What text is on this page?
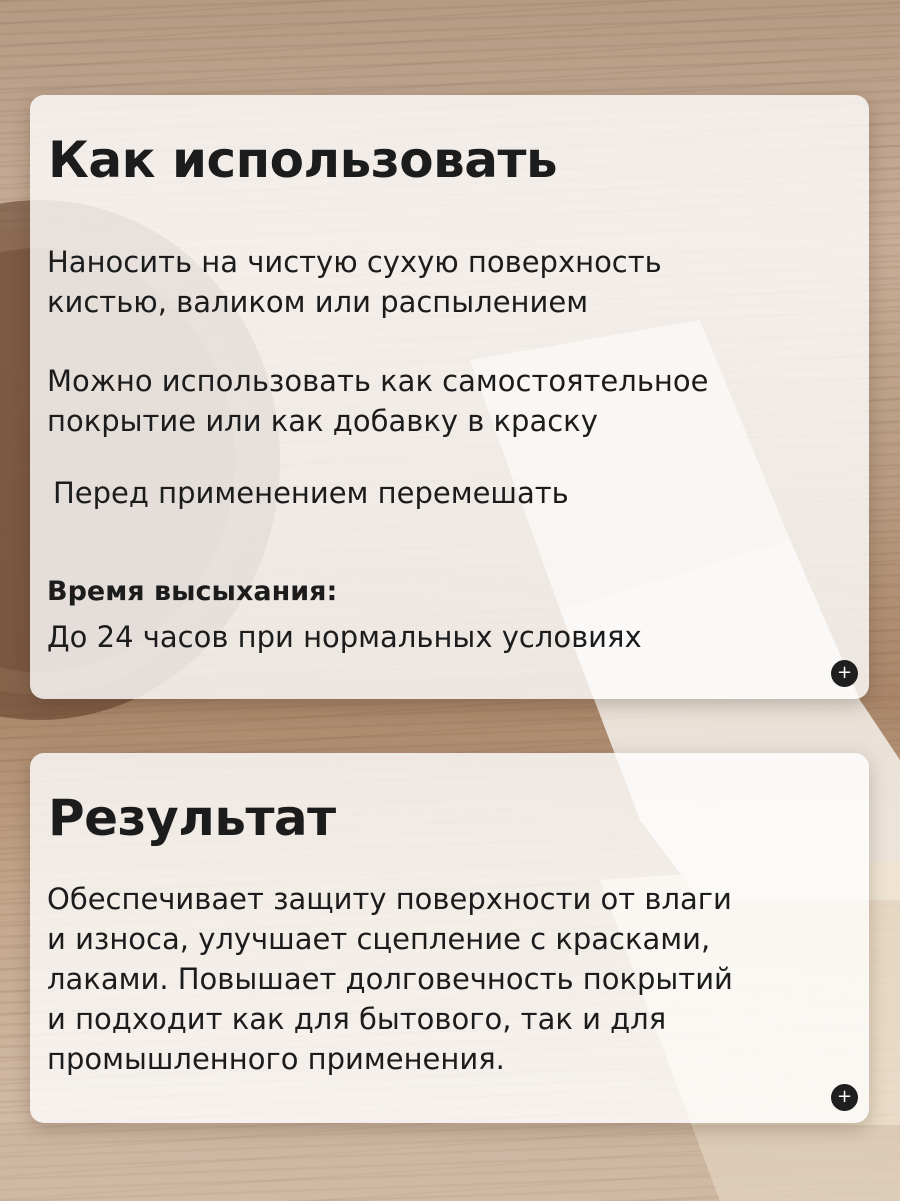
Как использовать

Наносить на чистую сухую поверхность
кистью, валиком или распылением

Можно использовать как самостоятельное
покрытие или как добавку в краску

Перед применением перемешать

Время высыхания:

До 24 часов при нормальных условиях

+
Результат

Обеспечивает защиту поверхности от влаги
и износа, улучшает сцепление с красками,
лаками. Повышает долговечность покрытий
и подходит как для бытового, так и для
промышленного применения.

+
